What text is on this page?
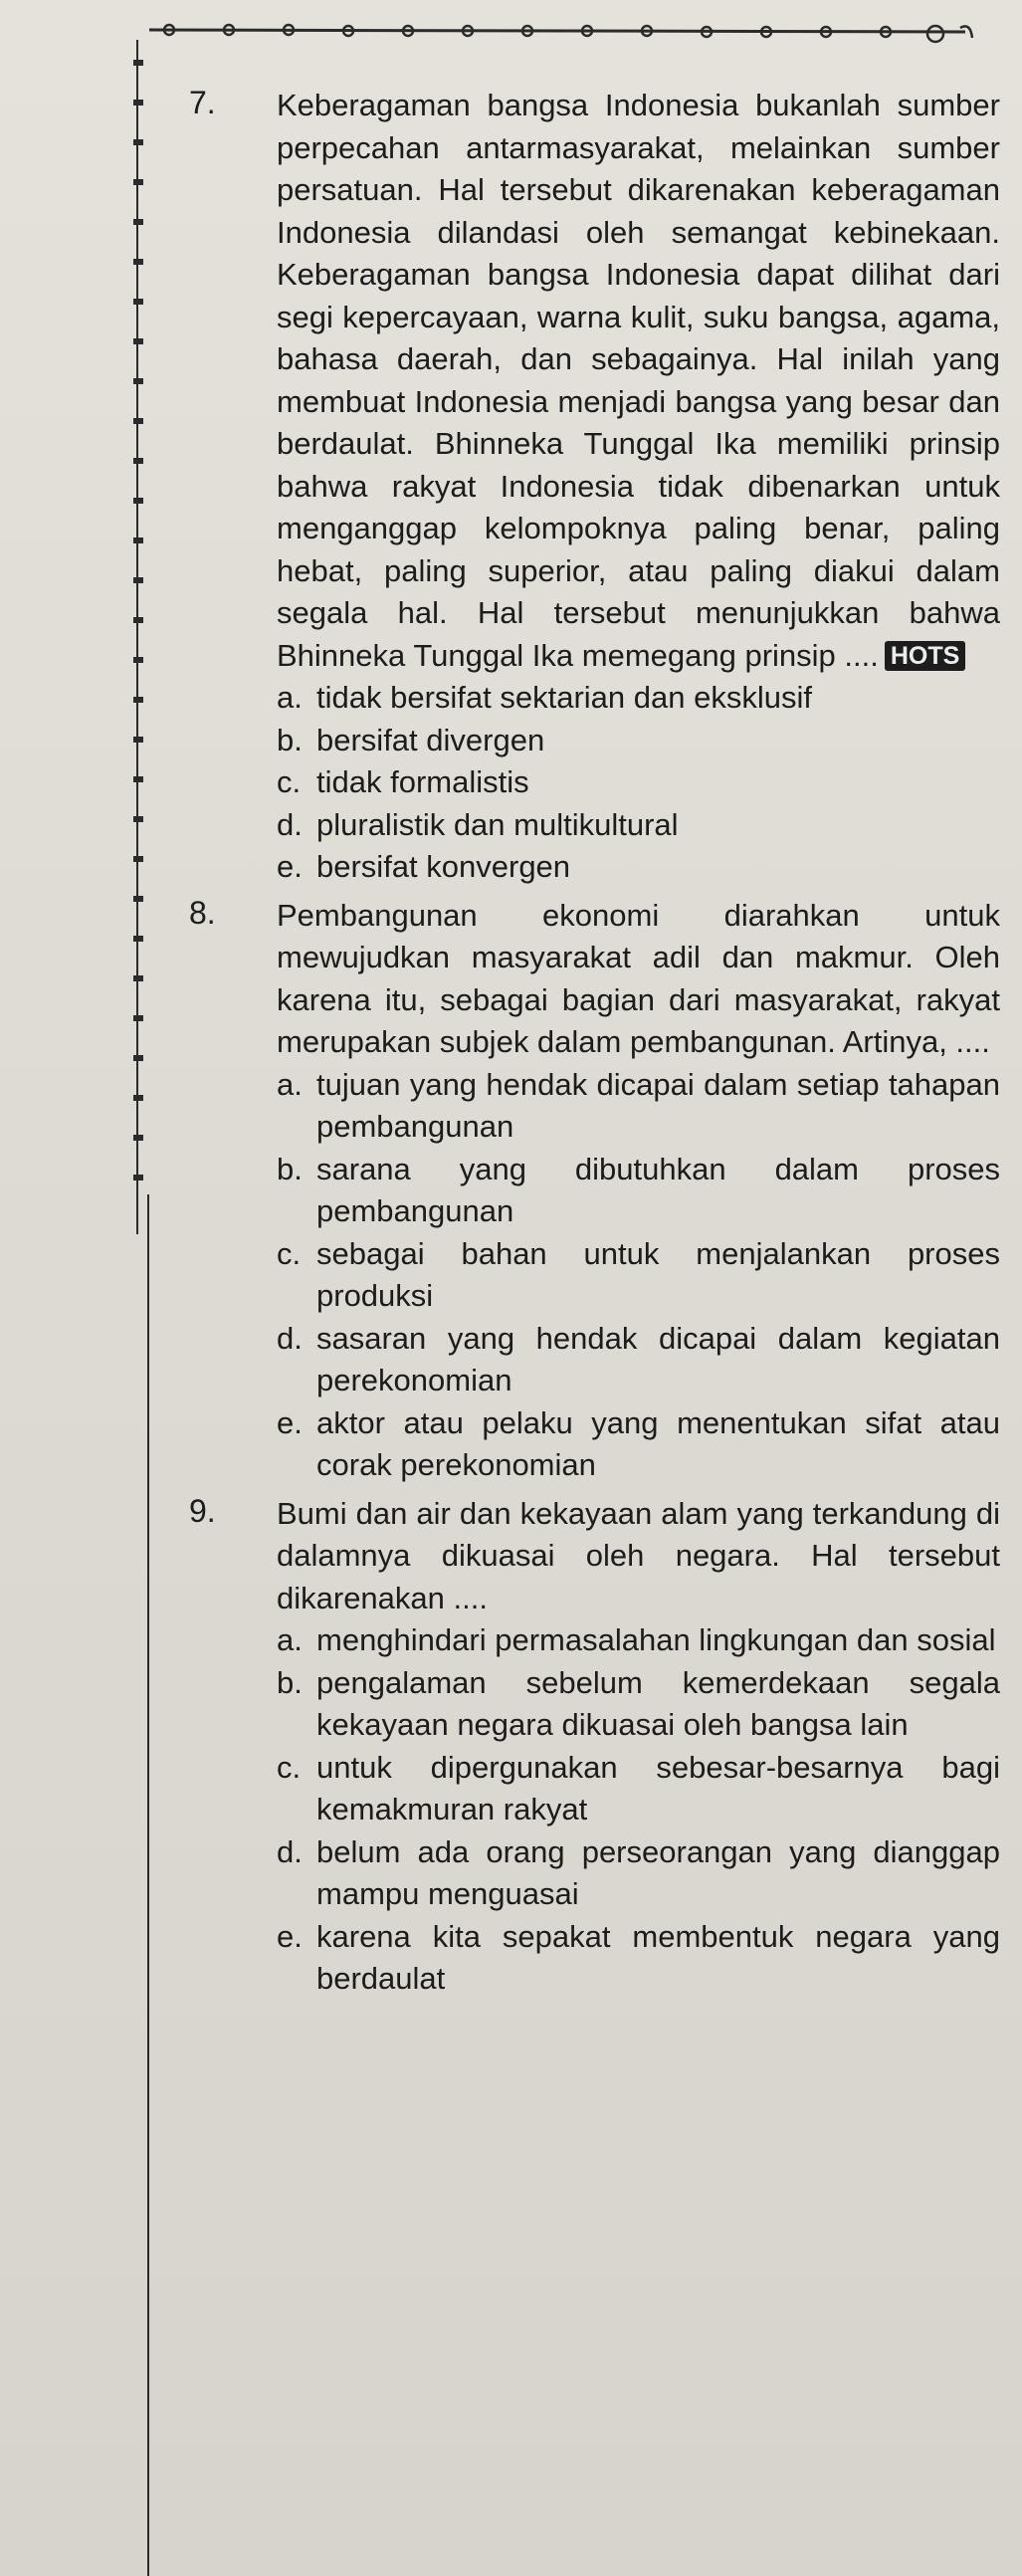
7. Keberagaman bangsa Indonesia bukanlah sumber perpecahan antarmasyarakat, melainkan sumber persatuan. Hal tersebut dikarenakan keberagaman Indonesia dilandasi oleh semangat kebinekaan. Keberagaman bangsa Indonesia dapat dilihat dari segi kepercayaan, warna kulit, suku bangsa, agama, bahasa daerah, dan sebagainya. Hal inilah yang membuat Indonesia menjadi bangsa yang besar dan berdaulat. Bhinneka Tunggal Ika memiliki prinsip bahwa rakyat Indonesia tidak dibenarkan untuk menganggap kelompoknya paling benar, paling hebat, paling superior, atau paling diakui dalam segala hal. Hal tersebut menunjukkan bahwa Bhinneka Tunggal Ika memegang prinsip .... HOTS
a. tidak bersifat sektarian dan eksklusif
b. bersifat divergen
c. tidak formalistis
d. pluralistik dan multikultural
e. bersifat konvergen
8. Pembangunan ekonomi diarahkan untuk mewujudkan masyarakat adil dan makmur. Oleh karena itu, sebagai bagian dari masyarakat, rakyat merupakan subjek dalam pembangunan. Artinya, ....
a. tujuan yang hendak dicapai dalam setiap tahapan pembangunan
b. sarana yang dibutuhkan dalam proses pembangunan
c. sebagai bahan untuk menjalankan proses produksi
d. sasaran yang hendak dicapai dalam kegiatan perekonomian
e. aktor atau pelaku yang menentukan sifat atau corak perekonomian
9. Bumi dan air dan kekayaan alam yang terkandung di dalamnya dikuasai oleh negara. Hal tersebut dikarenakan ....
a. menghindari permasalahan lingkungan dan sosial
b. pengalaman sebelum kemerdekaan segala kekayaan negara dikuasai oleh bangsa lain
c. untuk dipergunakan sebesar-besarnya bagi kemakmuran rakyat
d. belum ada orang perseorangan yang dianggap mampu menguasai
e. karena kita sepakat membentuk negara yang berdaulat
